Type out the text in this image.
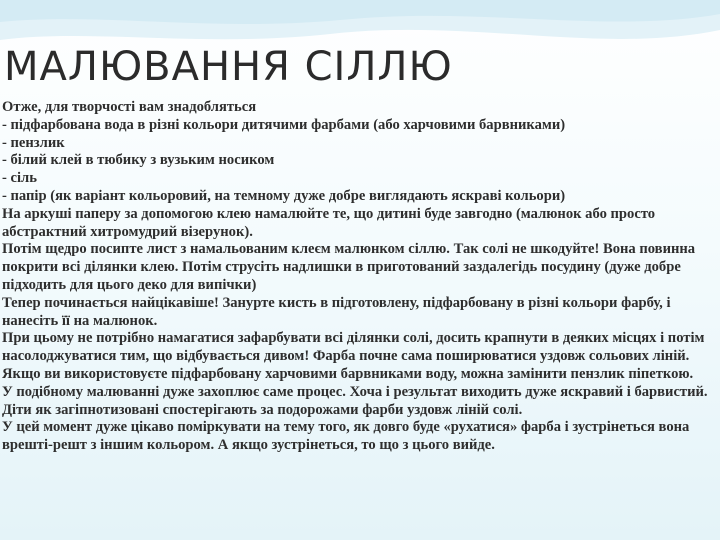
МАЛЮВАННЯ СІЛЛЮ

Отже, для творчості вам знадобляться

- підфарбована вода в різні кольори дитячими фарбами (або харчовими барвниками)

- пензлик

- білий клей в тюбику з вузьким носиком

- сіль

- папір (як варіант кольоровий, на темному дуже добре виглядають яскраві кольори)

На аркуші паперу за допомогою клею намалюйте те, що дитині буде завгодно (малюнок або просто абстрактний хитромудрий візерунок).

Потім щедро посипте лист з намальованим клеєм малюнком сіллю. Так солі не шкодуйте! Вона повинна покрити всі ділянки клею. Потім струсіть надлишки в приготований заздалегідь посудину (дуже добре підходить для цього деко для випічки)

Тепер починається найцікавіше! Занурте кисть в підготовлену, підфарбовану в різні кольори фарбу, і нанесіть її на малюнок.

При цьому не потрібно намагатися зафарбувати всі ділянки солі, досить крапнути в деяких місцях і потім насолоджуватися тим, що відбувається дивом! Фарба почне сама поширюватися уздовж сольових ліній.

Якщо ви використовуєте підфарбовану харчовими барвниками воду, можна замінити пензлик піпеткою.

У подібному малюванні дуже захоплює саме процес. Хоча і результат виходить дуже яскравий і барвистий. Діти як загіпнотизовані спостерігають за подорожами фарби уздовж ліній солі.

У цей момент дуже цікаво поміркувати на тему того, як довго буде «рухатися» фарба і зустрінеться вона врешті-решт з іншим кольором. А якщо зустрінеться, то що з цього вийде.
